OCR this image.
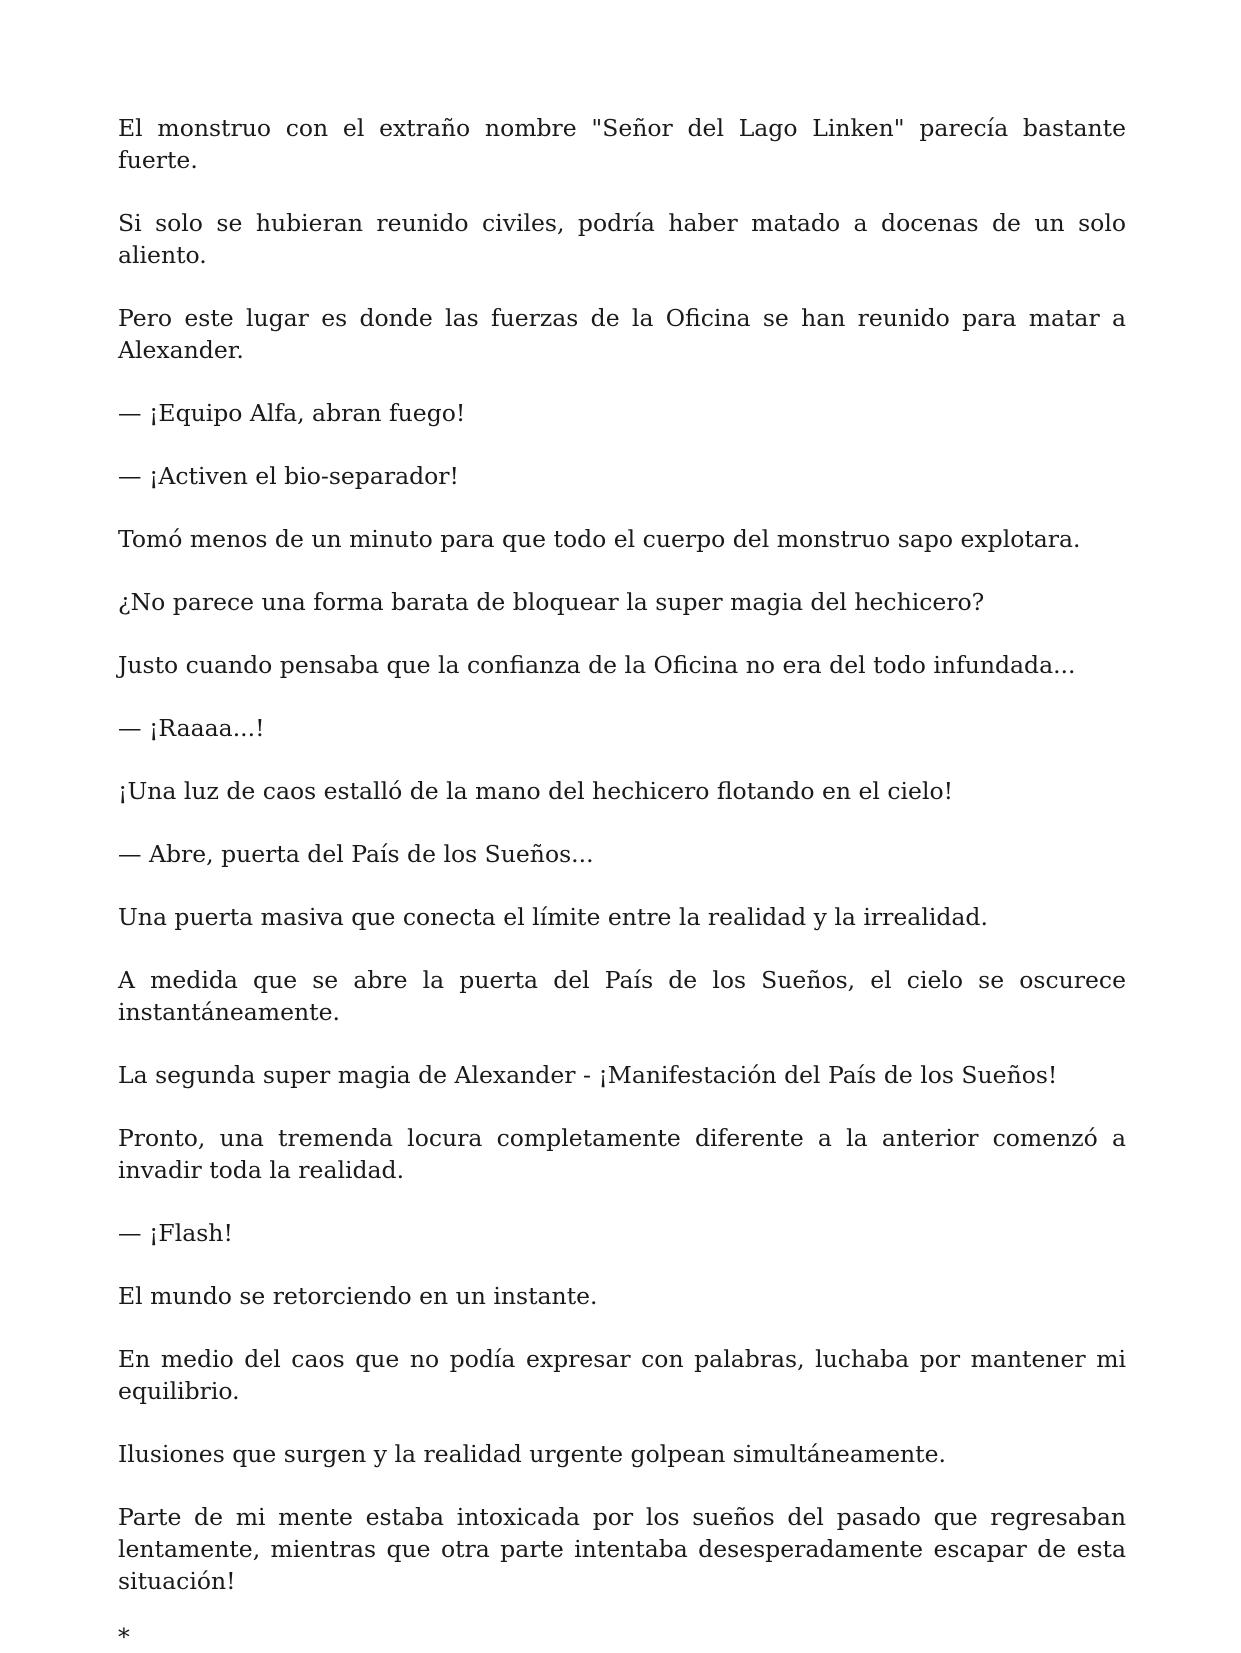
El monstruo con el extraño nombre "Señor del Lago Linken" parecía bastante fuerte.

Si solo se hubieran reunido civiles, podría haber matado a docenas de un solo aliento.

Pero este lugar es donde las fuerzas de la Oficina se han reunido para matar a Alexander.

— ¡Equipo Alfa, abran fuego!

— ¡Activen el bio-separador!

Tomó menos de un minuto para que todo el cuerpo del monstruo sapo explotara.

¿No parece una forma barata de bloquear la super magia del hechicero?

Justo cuando pensaba que la confianza de la Oficina no era del todo infundada...

— ¡Raaaa...!

¡Una luz de caos estalló de la mano del hechicero flotando en el cielo!

— Abre, puerta del País de los Sueños...

Una puerta masiva que conecta el límite entre la realidad y la irrealidad.

A medida que se abre la puerta del País de los Sueños, el cielo se oscurece instantáneamente.

La segunda super magia de Alexander - ¡Manifestación del País de los Sueños!

Pronto, una tremenda locura completamente diferente a la anterior comenzó a invadir toda la realidad.

— ¡Flash!

El mundo se retorciendo en un instante.

En medio del caos que no podía expresar con palabras, luchaba por mantener mi equilibrio.

Ilusiones que surgen y la realidad urgente golpean simultáneamente.

Parte de mi mente estaba intoxicada por los sueños del pasado que regresaban lentamente, mientras que otra parte intentaba desesperadamente escapar de esta situación!

*
